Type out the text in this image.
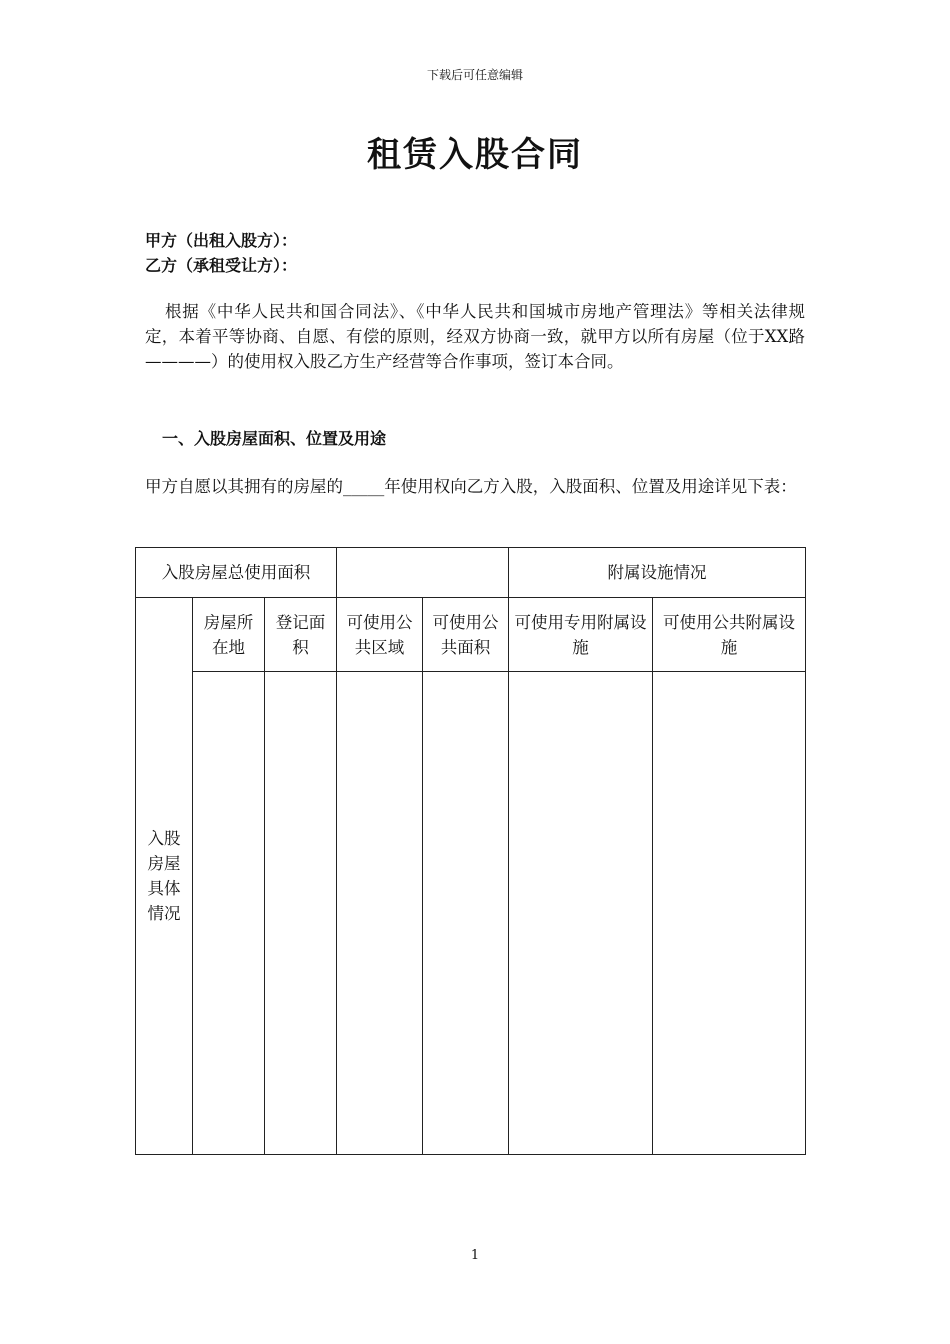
下载后可任意编辑
租赁入股合同
甲方（出租入股方）：
乙方（承租受让方）：
根据《中华人民共和国合同法》、《中华人民共和国城市房地产管理法》等相关法律规定，本着平等协商、自愿、有偿的原则，经双方协商一致，就甲方以所有房屋（位于XX路————）的使用权入股乙方生产经营等合作事项，签订本合同。
一、入股房屋面积、位置及用途
甲方自愿以其拥有的房屋的_____年使用权向乙方入股，入股面积、位置及用途详见下表：
入股房屋总使用面积					附属设施情况	
入股房屋具体情况	房屋所在地	登记面积	可使用公共区域	可使用公共面积	可使用专用附属设施	可使用公共附属设施

1
